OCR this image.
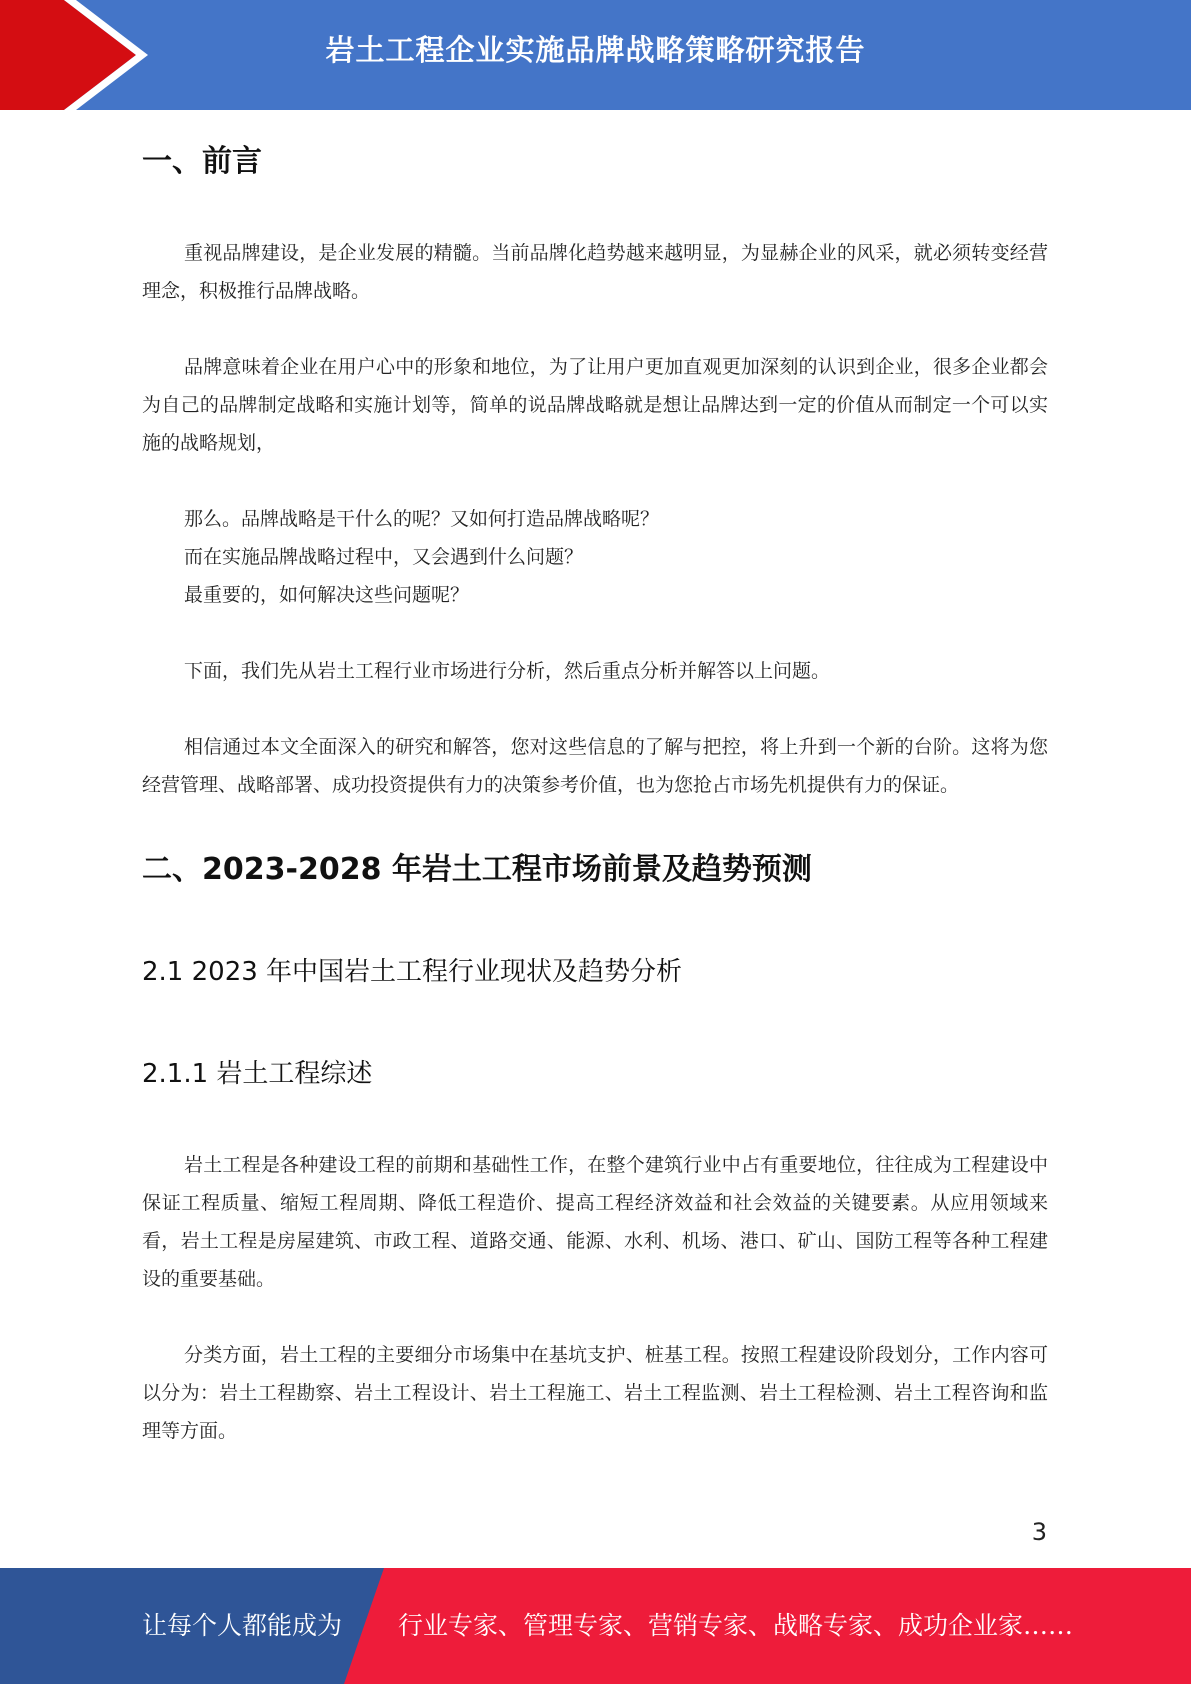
岩土工程企业实施品牌战略策略研究报告
一、前言

重视品牌建设，是企业发展的精髓。当前品牌化趋势越来越明显，为显赫企业的风采，就必须转变经营理念，积极推行品牌战略。

品牌意味着企业在用户心中的形象和地位，为了让用户更加直观更加深刻的认识到企业，很多企业都会为自己的品牌制定战略和实施计划等，简单的说品牌战略就是想让品牌达到一定的价值从而制定一个可以实施的战略规划，

那么。品牌战略是干什么的呢？又如何打造品牌战略呢？

而在实施品牌战略过程中，又会遇到什么问题？

最重要的，如何解决这些问题呢？

下面，我们先从岩土工程行业市场进行分析，然后重点分析并解答以上问题。

相信通过本文全面深入的研究和解答，您对这些信息的了解与把控，将上升到一个新的台阶。这将为您经营管理、战略部署、成功投资提供有力的决策参考价值，也为您抢占市场先机提供有力的保证。

二、2023-2028 年岩土工程市场前景及趋势预测
2.1 2023 年中国岩土工程行业现状及趋势分析
2.1.1 岩土工程综述

岩土工程是各种建设工程的前期和基础性工作，在整个建筑行业中占有重要地位，往往成为工程建设中保证工程质量、缩短工程周期、降低工程造价、提高工程经济效益和社会效益的关键要素。从应用领域来看，岩土工程是房屋建筑、市政工程、道路交通、能源、水利、机场、港口、矿山、国防工程等各种工程建设的重要基础。

分类方面，岩土工程的主要细分市场集中在基坑支护、桩基工程。按照工程建设阶段划分，工作内容可以分为：岩土工程勘察、岩土工程设计、岩土工程施工、岩土工程监测、岩土工程检测、岩土工程咨询和监理等方面。

3
让每个人都能成为 行业专家、管理专家、营销专家、战略专家、成功企业家……
